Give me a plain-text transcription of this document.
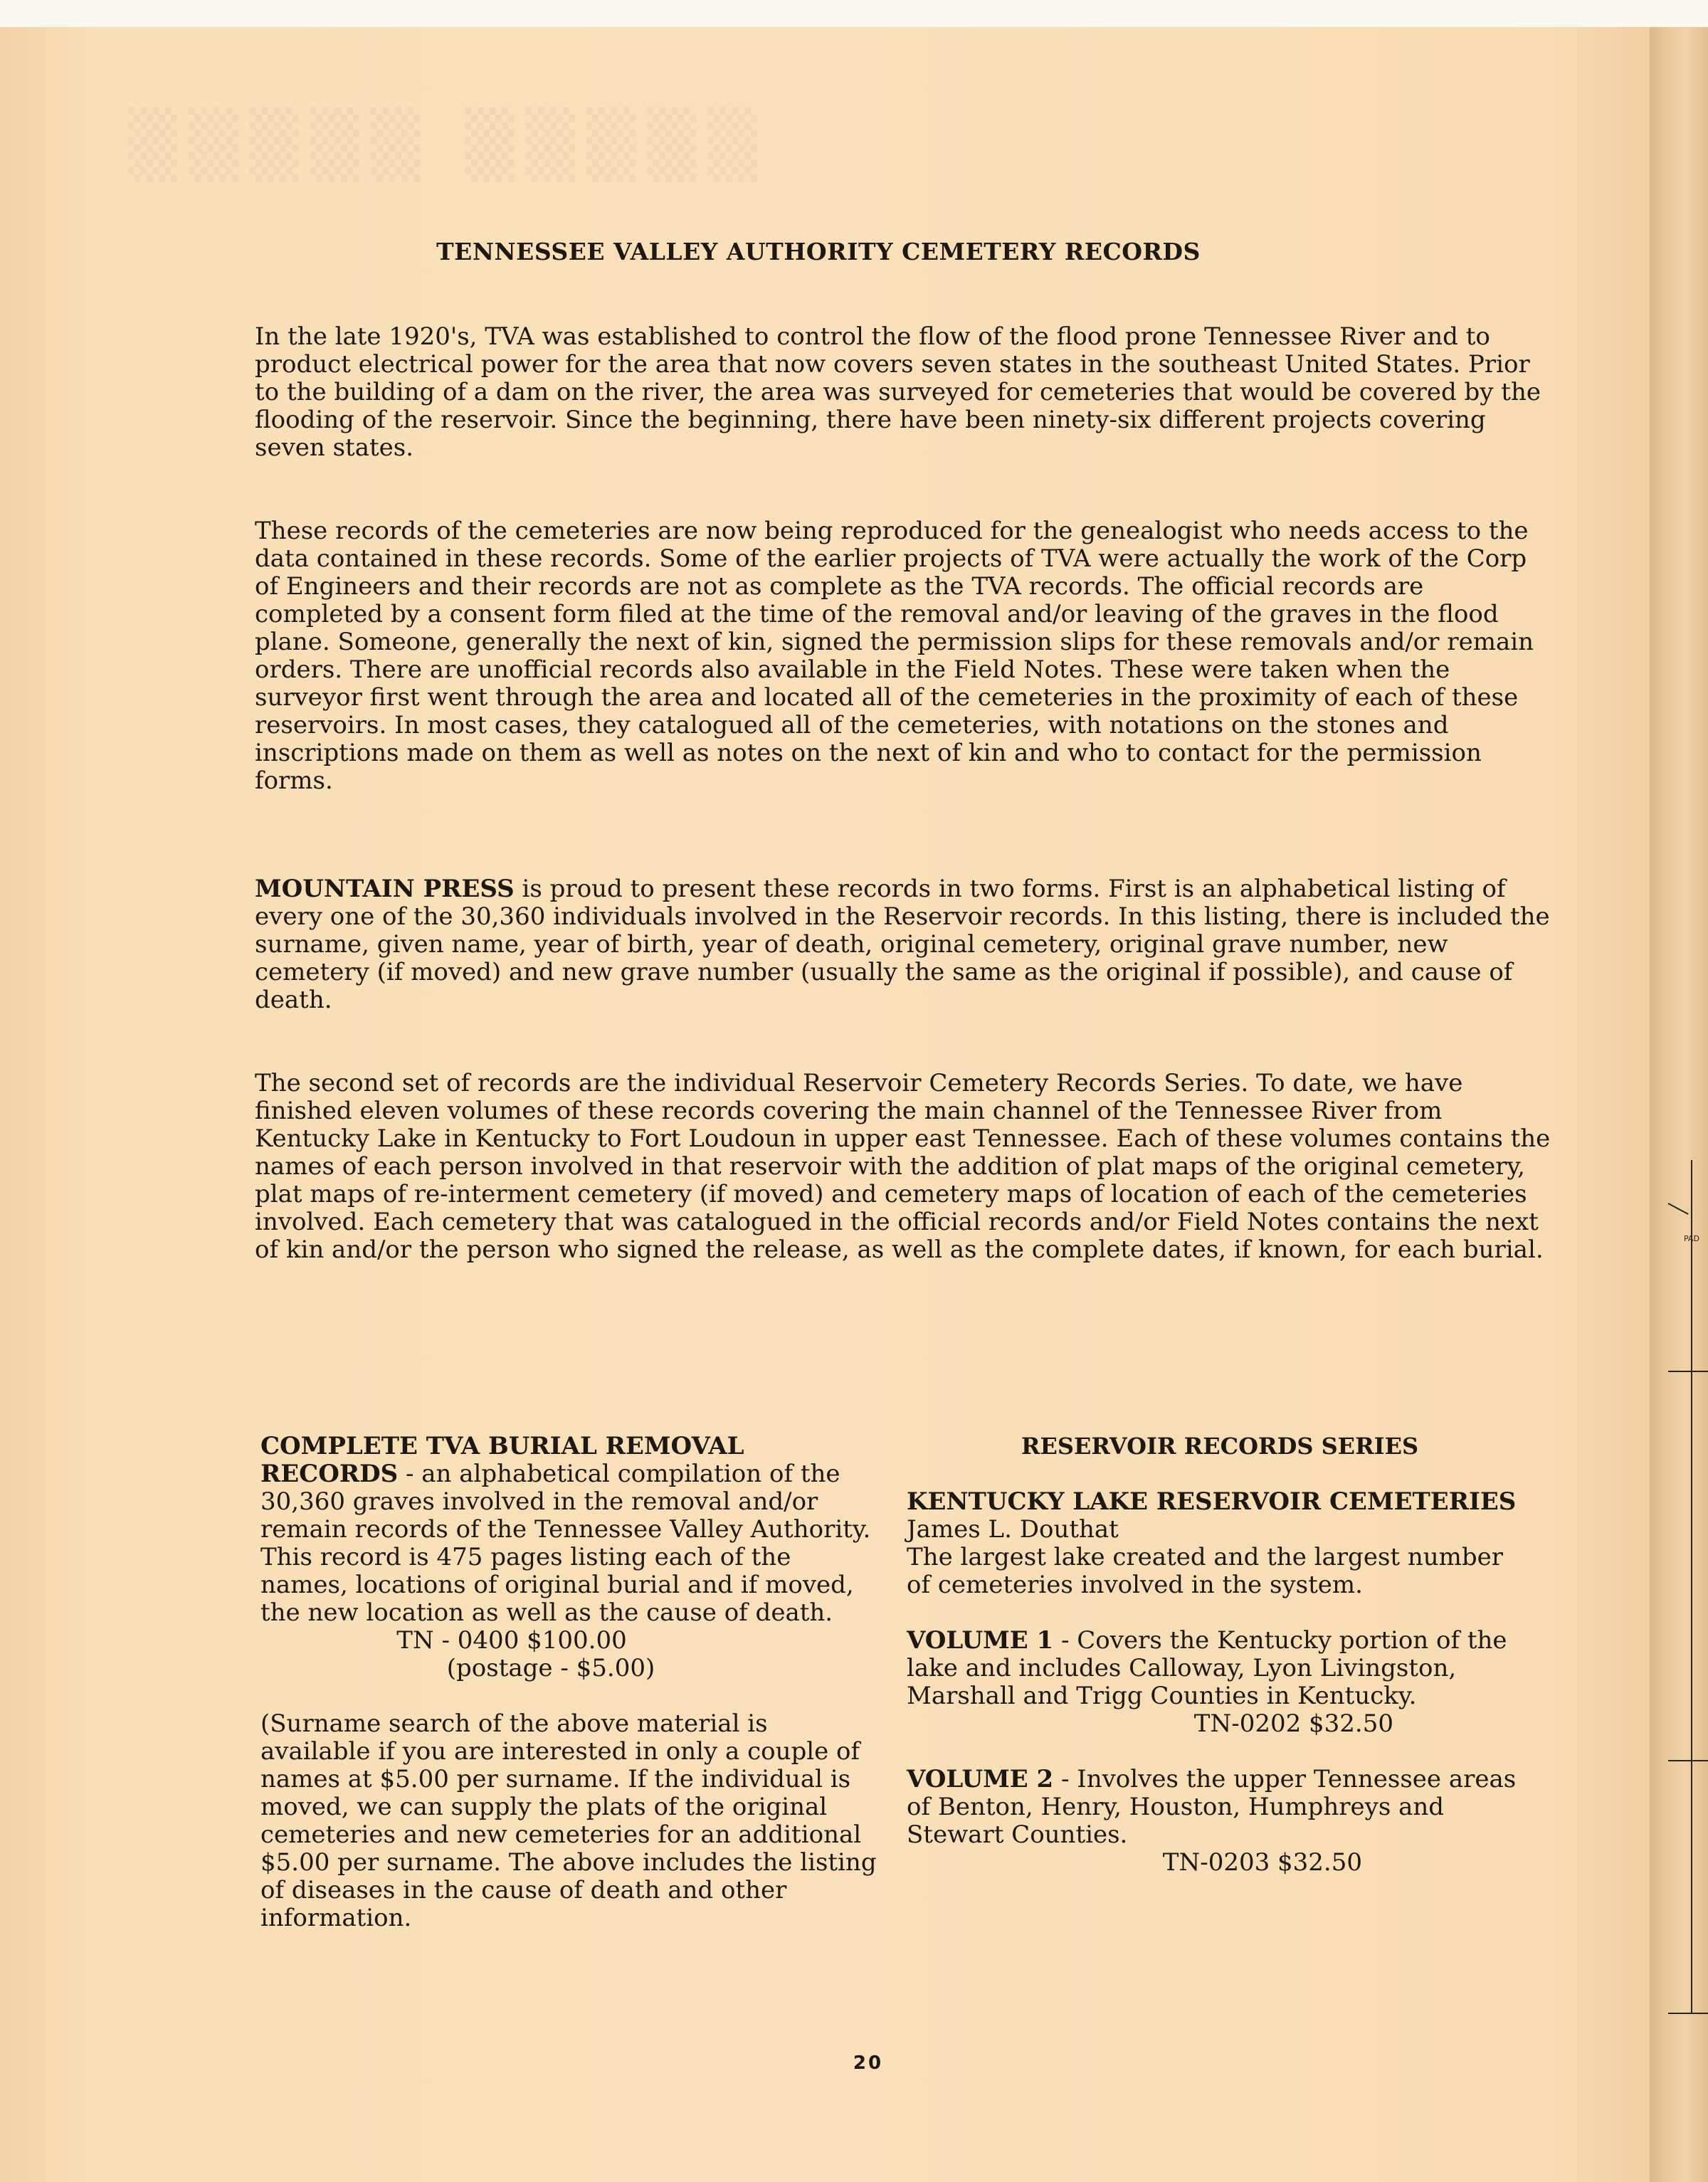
PAD
▒▒▒▒▒ ▒▒▒▒▒
TENNESSEE VALLEY AUTHORITY CEMETERY RECORDS

In the late 1920's, TVA was established to control the flow of the flood prone Tennessee River and to product electrical power for the area that now covers seven states in the southeast United States. Prior to the building of a dam on the river, the area was surveyed for cemeteries that would be covered by the flooding of the reservoir. Since the beginning, there have been ninety-six different projects covering seven states.

These records of the cemeteries are now being reproduced for the genealogist who needs access to the data contained in these records. Some of the earlier projects of TVA were actually the work of the Corp of Engineers and their records are not as complete as the TVA records. The official records are completed by a consent form filed at the time of the removal and/or leaving of the graves in the flood plane. Someone, generally the next of kin, signed the permission slips for these removals and/or remain orders. There are unofficial records also available in the Field Notes. These were taken when the surveyor first went through the area and located all of the cemeteries in the proximity of each of these reservoirs. In most cases, they catalogued all of the cemeteries, with notations on the stones and inscriptions made on them as well as notes on the next of kin and who to contact for the permission forms.

MOUNTAIN PRESS is proud to present these records in two forms. First is an alphabetical listing of every one of the 30,360 individuals involved in the Reservoir records. In this listing, there is included the surname, given name, year of birth, year of death, original cemetery, original grave number, new cemetery (if moved) and new grave number (usually the same as the original if possible), and cause of death.

The second set of records are the individual Reservoir Cemetery Records Series. To date, we have finished eleven volumes of these records covering the main channel of the Tennessee River from Kentucky Lake in Kentucky to Fort Loudoun in upper east Tennessee. Each of these volumes contains the names of each person involved in that reservoir with the addition of plat maps of the original cemetery, plat maps of re-interment cemetery (if moved) and cemetery maps of location of each of the cemeteries involved. Each cemetery that was catalogued in the official records and/or Field Notes contains the next of kin and/or the person who signed the release, as well as the complete dates, if known, for each burial.

COMPLETE TVA BURIAL REMOVAL RECORDS - an alphabetical compilation of the 30,360 graves involved in the removal and/or remain records of the Tennessee Valley Authority. This record is 475 pages listing each of the names, locations of original burial and if moved, the new location as well as the cause of death.

TN - 0400 $100.00

(postage - $5.00)

(Surname search of the above material is available if you are interested in only a couple of names at $5.00 per surname. If the individual is moved, we can supply the plats of the original cemeteries and new cemeteries for an additional $5.00 per surname. The above includes the listing of diseases in the cause of death and other information.

RESERVOIR RECORDS SERIES

KENTUCKY LAKE RESERVOIR CEMETERIES James L. Douthat

The largest lake created and the largest number of cemeteries involved in the system.

VOLUME 1 - Covers the Kentucky portion of the lake and includes Calloway, Lyon Livingston, Marshall and Trigg Counties in Kentucky.

TN-0202 $32.50

VOLUME 2 - Involves the upper Tennessee areas of Benton, Henry, Houston, Humphreys and Stewart Counties.

TN-0203 $32.50

20
